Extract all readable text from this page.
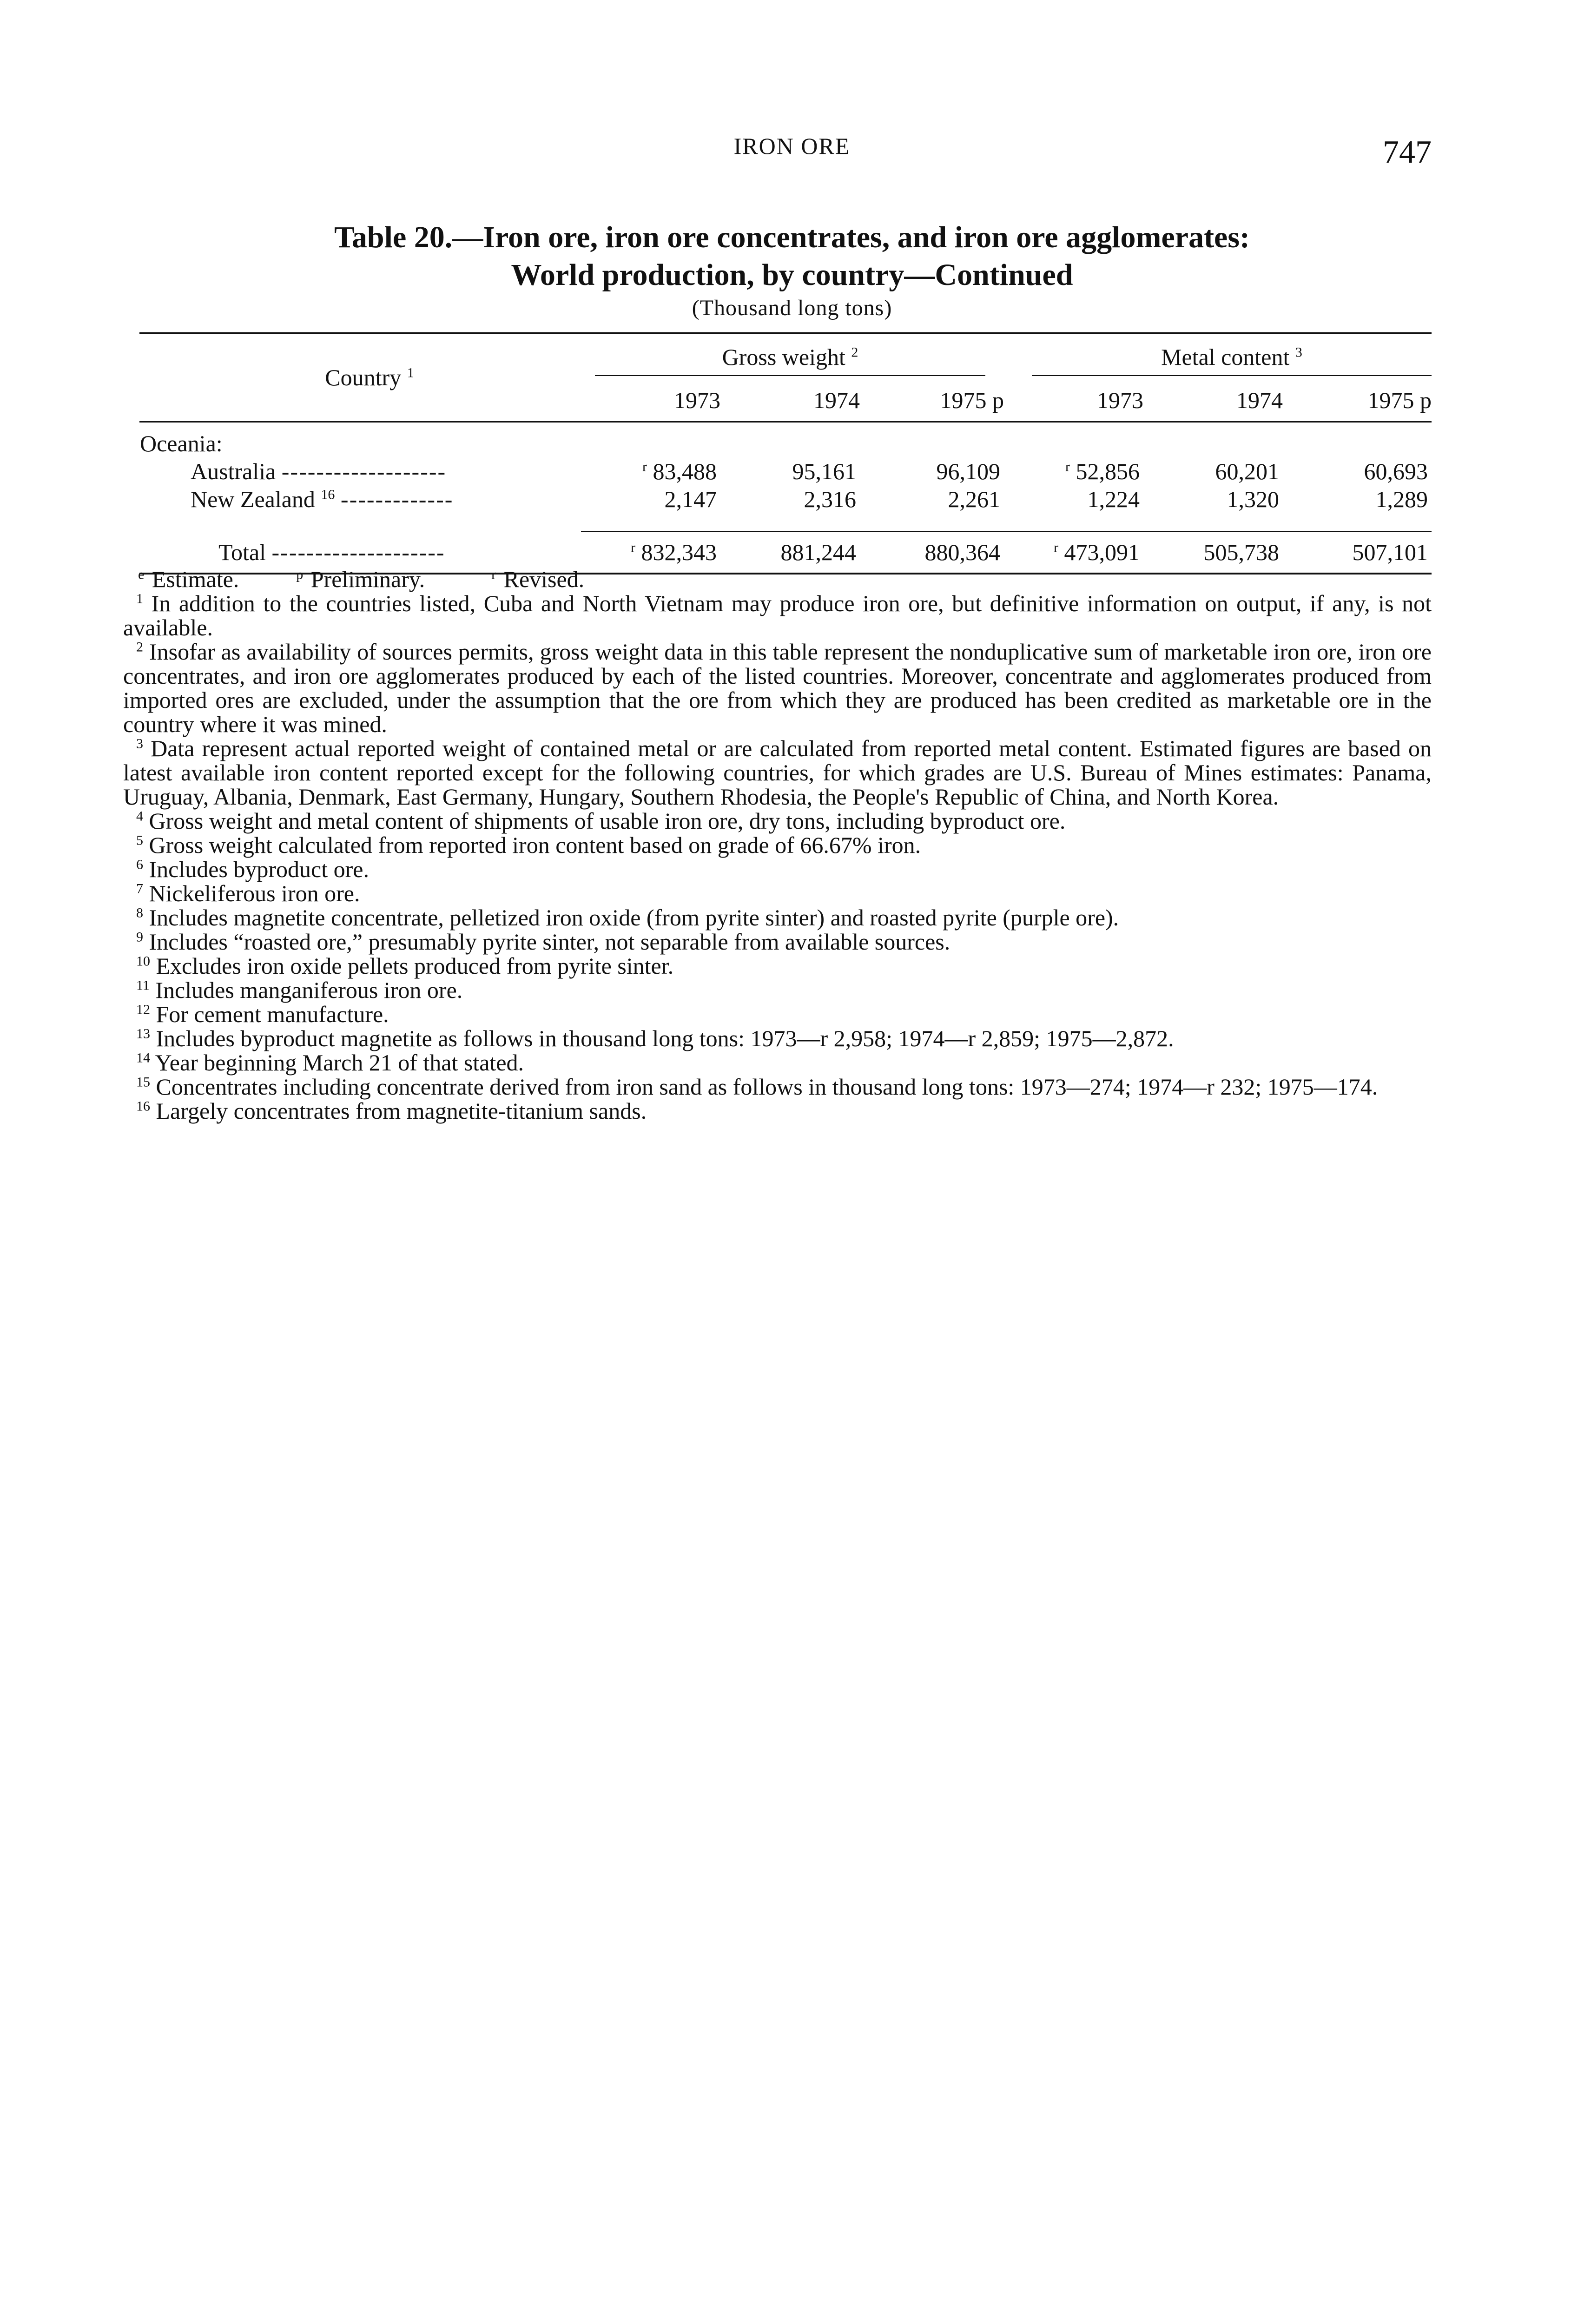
IRON ORE	747
Table 20.—Iron ore, iron ore concentrates, and iron ore agglomerates:
World production, by country—Continued
(Thousand long tons)
Country $^1$	Gross weight $^2$			Metal content $^3$

	1973	1974	1975 p	1973	1974	1975 p
Oceania:						
Australia -------------------	$^r$ 83,488	95,161	96,109	$^r$ 52,856	60,201	60,693
New Zealand $^{16}$ -------------	2,147	2,316	2,261	1,224	1,320	1,289

Total --------------------	$^r$ 832,343	881,244	880,364	$^r$ 473,091	505,738	507,101
$^e$ Estimate.	$^p$ Preliminary.	$^r$ Revised.
$^1$ In addition to the countries listed, Cuba and North Vietnam may produce iron ore, but definitive information on output, if any, is not available.
$^2$ Insofar as availability of sources permits, gross weight data in this table represent the nonduplicative sum of marketable iron ore, iron ore concentrates, and iron ore agglomerates produced by each of the listed countries. Moreover, concentrate and agglomerates produced from imported ores are excluded, under the assumption that the ore from which they are produced has been credited as marketable ore in the country where it was mined.
$^3$ Data represent actual reported weight of contained metal or are calculated from reported metal content. Estimated figures are based on latest available iron content reported except for the following countries, for which grades are U.S. Bureau of Mines estimates: Panama, Uruguay, Albania, Denmark, East Germany, Hungary, Southern Rhodesia, the People's Republic of China, and North Korea.
$^4$ Gross weight and metal content of shipments of usable iron ore, dry tons, including byproduct ore.
$^5$ Gross weight calculated from reported iron content based on grade of 66.67% iron.
$^6$ Includes byproduct ore.
$^7$ Nickeliferous iron ore.
$^8$ Includes magnetite concentrate, pelletized iron oxide (from pyrite sinter) and roasted pyrite (purple ore).
$^9$ Includes “roasted ore,” presumably pyrite sinter, not separable from available sources.
$^{10}$ Excludes iron oxide pellets produced from pyrite sinter.
$^{11}$ Includes manganiferous iron ore.
$^{12}$ For cement manufacture.
$^{13}$ Includes byproduct magnetite as follows in thousand long tons: 1973—r 2,958; 1974—r 2,859; 1975—2,872.
$^{14}$ Year beginning March 21 of that stated.
$^{15}$ Concentrates including concentrate derived from iron sand as follows in thousand long tons: 1973—274; 1974—r 232; 1975—174.
$^{16}$ Largely concentrates from magnetite-titanium sands.
